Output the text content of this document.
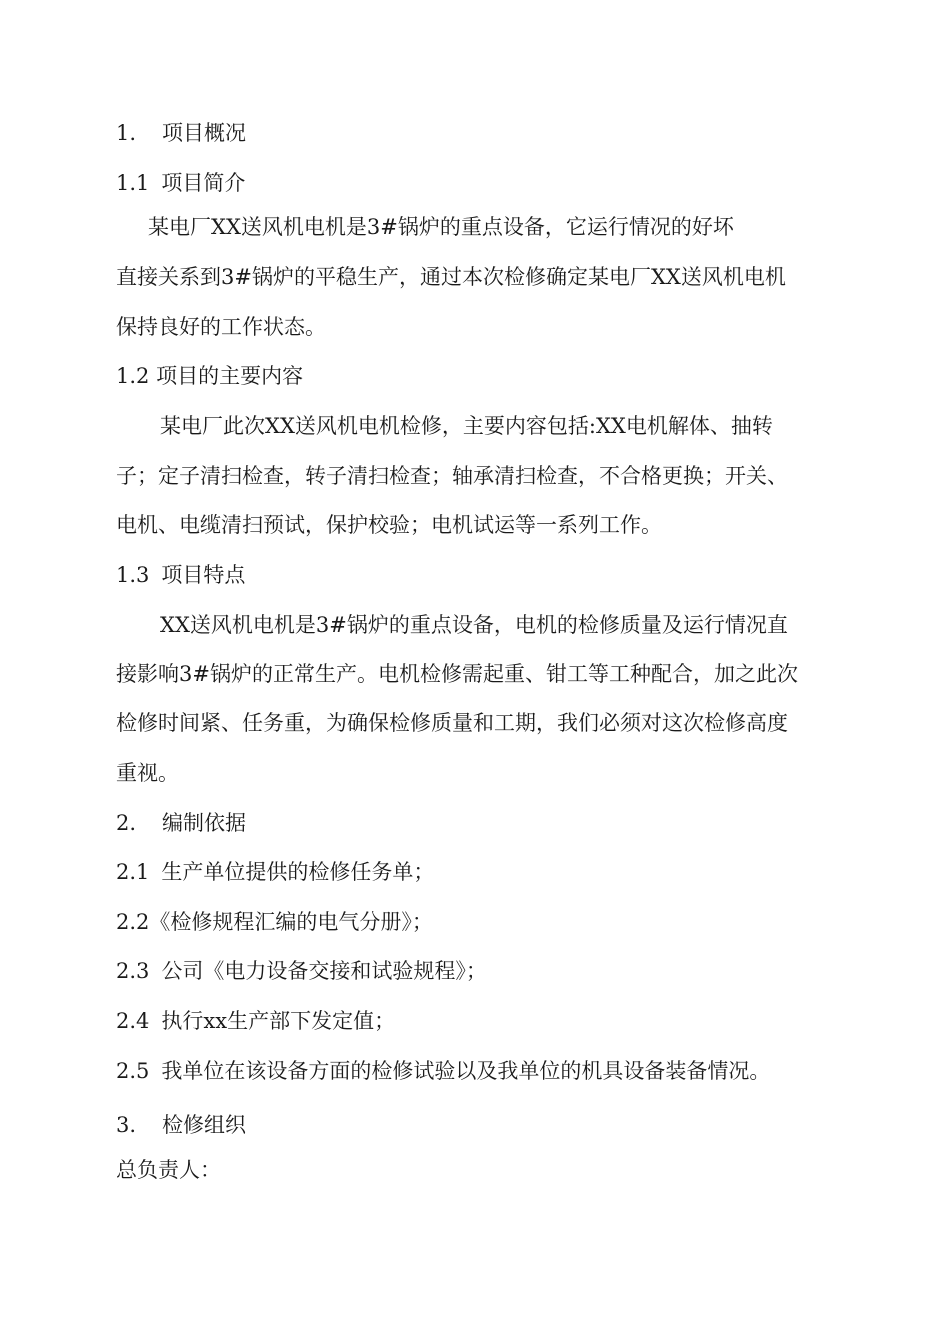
1. 项目概况
1.1 项目简介
某电厂XX送风机电机是3#锅炉的重点设备，它运行情况的好坏
直接关系到3#锅炉的平稳生产，通过本次检修确定某电厂XX送风机电机
保持良好的工作状态。
1.2 项目的主要内容
某电厂此次XX送风机电机检修，主要内容包括:XX电机解体、抽转
子；定子清扫检查，转子清扫检查；轴承清扫检查，不合格更换；开关、
电机、电缆清扫预试，保护校验；电机试运等一系列工作。
1.3 项目特点
XX送风机电机是3#锅炉的重点设备，电机的检修质量及运行情况直
接影响3#锅炉的正常生产。电机检修需起重、钳工等工种配合，加之此次
检修时间紧、任务重，为确保检修质量和工期，我们必须对这次检修高度
重视。
2. 编制依据
2.1 生产单位提供的检修任务单；
2.2《检修规程汇编的电气分册》；
2.3 公司《电力设备交接和试验规程》；
2.4 执行xx生产部下发定值；
2.5 我单位在该设备方面的检修试验以及我单位的机具设备装备情况。
3. 检修组织
总负责人：
